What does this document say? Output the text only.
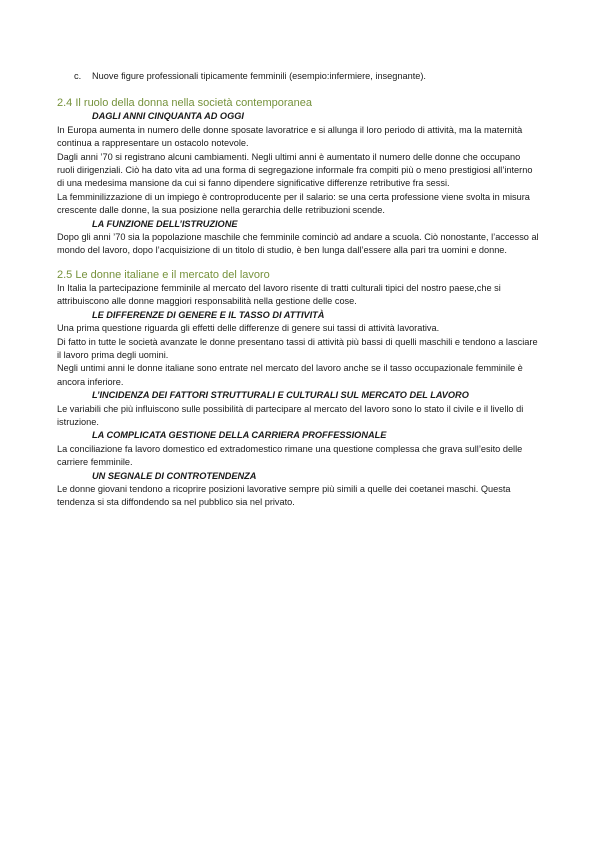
c. Nuove figure professionali tipicamente femminili (esempio:infermiere, insegnante).
2.4 Il ruolo della donna nella società contemporanea

DAGLI ANNI CINQUANTA AD OGGI

In Europa aumenta in numero delle donne sposate lavoratrice e si allunga il loro periodo di attività, ma la maternità continua a rappresentare un ostacolo notevole.

Dagli anni ’70 si registrano alcuni cambiamenti. Negli ultimi anni è aumentato il numero delle donne che occupano ruoli dirigenziali. Ciò ha dato vita ad una forma di segregazione informale fra compiti più o meno prestigiosi all’interno di una medesima mansione da cui si fanno dipendere significative differenze retributive fra sessi.

La femminilizzazione di un impiego è controproducente per il salario: se una certa professione viene svolta in misura crescente dalle donne, la sua posizione nella gerarchia delle retribuzioni scende.

LA FUNZIONE DELL’ISTRUZIONE

Dopo gli anni ’70 sia la popolazione maschile che femminile cominciò ad andare a scuola. Ciò nonostante, l’accesso al mondo del lavoro, dopo l’acquisizione di un titolo di studio, è ben lunga dall’essere alla pari tra uomini e donne.

2.5 Le donne italiane e il mercato del lavoro

In Italia la partecipazione femminile al mercato del lavoro risente di tratti culturali tipici del nostro paese,che si attribuiscono alle donne maggiori responsabilità nella gestione delle cose.

LE DIFFERENZE DI GENERE E IL TASSO DI ATTIVITÀ

Una prima questione riguarda gli effetti delle differenze di genere sui tassi di attività lavorativa.

Di fatto in tutte le società avanzate le donne presentano tassi di attività più bassi di quelli maschili e tendono a lasciare il lavoro prima degli uomini.

Negli untimi anni le donne italiane sono entrate nel mercato del lavoro anche se il tasso occupazionale femminile è ancora inferiore.

L’INCIDENZA DEI FATTORI STRUTTURALI E CULTURALI SUL MERCATO DEL LAVORO

Le variabili che più influiscono sulle possibilità di partecipare al mercato del lavoro sono lo stato il civile e il livello di istruzione.

LA COMPLICATA GESTIONE DELLA CARRIERA PROFFESSIONALE

La conciliazione fa lavoro domestico ed extradomestico rimane una questione complessa che grava sull’esito delle carriere femminile.

UN SEGNALE DI CONTROTENDENZA

Le donne giovani tendono a ricoprire posizioni lavorative sempre più simili a quelle dei coetanei maschi. Questa tendenza si sta diffondendo sa nel pubblico sia nel privato.
